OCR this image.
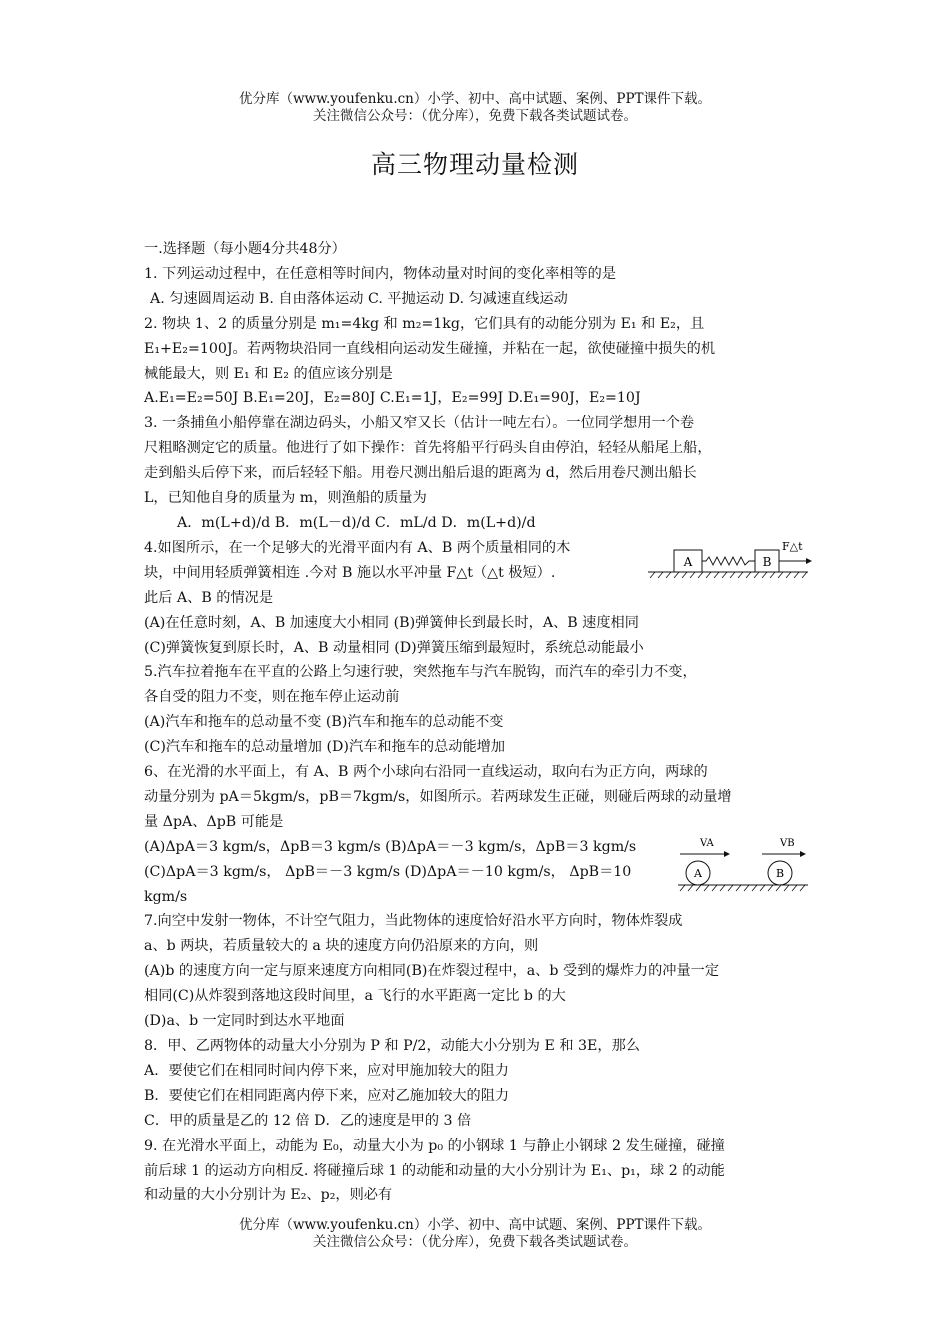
优分库（www.youfenku.cn）小学、初中、高中试题、案例、PPT课件下载。
关注微信公众号：（优分库），免费下载各类试题试卷。
高三物理动量检测

一.选择题（每小题4分共48分）

1. 下列运动过程中，在任意相等时间内，物体动量对时间的变化率相等的是

A. 匀速圆周运动 B. 自由落体运动 C. 平抛运动 D. 匀减速直线运动

2. 物块 1、2 的质量分别是 m₁=4kg 和 m₂=1kg，它们具有的动能分别为 E₁ 和 E₂，且

E₁+E₂=100J。若两物块沿同一直线相向运动发生碰撞，并粘在一起，欲使碰撞中损失的机

械能最大，则 E₁ 和 E₂ 的值应该分别是

A.E₁=E₂=50J B.E₁=20J，E₂=80J C.E₁=1J，E₂=99J D.E₁=90J，E₂=10J

3. 一条捕鱼小船停靠在湖边码头，小船又窄又长（估计一吨左右）。一位同学想用一个卷

尺粗略测定它的质量。他进行了如下操作：首先将船平行码头自由停泊，轻轻从船尾上船，

走到船头后停下来，而后轻轻下船。用卷尺测出船后退的距离为 d，然后用卷尺测出船长

L，已知他自身的质量为 m，则渔船的质量为

A．m(L+d)/d B．m(L－d)/d C．mL/d D．m(L+d)/d

4.如图所示，在一个足够大的光滑平面内有 A、B 两个质量相同的木

块，中间用轻质弹簧相连 .今对 B 施以水平冲量 F△t（△t 极短）.

此后 A、B 的情况是

(A)在任意时刻，A、B 加速度大小相同 (B)弹簧伸长到最长时，A、B 速度相同

(C)弹簧恢复到原长时，A、B 动量相同 (D)弹簧压缩到最短时，系统总动能最小

5.汽车拉着拖车在平直的公路上匀速行驶，突然拖车与汽车脱钩，而汽车的牵引力不变，

各自受的阻力不变，则在拖车停止运动前

(A)汽车和拖车的总动量不变 (B)汽车和拖车的总动能不变

(C)汽车和拖车的总动量增加 (D)汽车和拖车的总动能增加

6、在光滑的水平面上，有 A、B 两个小球向右沿同一直线运动，取向右为正方向，两球的

动量分别为 pA＝5kgm/s，pB＝7kgm/s，如图所示。若两球发生正碰，则碰后两球的动量增

量 ΔpA、ΔpB 可能是

(A)ΔpA＝3 kgm/s，ΔpB＝3 kgm/s (B)ΔpA＝－3 kgm/s，ΔpB＝3 kgm/s

(C)ΔpA＝3 kgm/s， ΔpB＝－3 kgm/s (D)ΔpA＝－10 kgm/s， ΔpB＝10

kgm/s

7.向空中发射一物体，不计空气阻力，当此物体的速度恰好沿水平方向时，物体炸裂成

a、b 两块，若质量较大的 a 块的速度方向仍沿原来的方向，则

(A)b 的速度方向一定与原来速度方向相同(B)在炸裂过程中，a、b 受到的爆炸力的冲量一定

相同(C)从炸裂到落地这段时间里，a 飞行的水平距离一定比 b 的大

(D)a、b 一定同时到达水平地面

8．甲、乙两物体的动量大小分别为 P 和 P/2，动能大小分别为 E 和 3E，那么

A．要使它们在相同时间内停下来，应对甲施加较大的阻力

B．要使它们在相同距离内停下来，应对乙施加较大的阻力

C．甲的质量是乙的 12 倍 D．乙的速度是甲的 3 倍

9. 在光滑水平面上，动能为 E₀，动量大小为 p₀ 的小钢球 1 与静止小钢球 2 发生碰撞，碰撞

前后球 1 的运动方向相反. 将碰撞后球 1 的动能和动量的大小分别计为 E₁、p₁，球 2 的动能

和动量的大小分别计为 E₂、p₂，则必有

A	B
F△t
VA	VB
A	B
优分库（www.youfenku.cn）小学、初中、高中试题、案例、PPT课件下载。
关注微信公众号：（优分库），免费下载各类试题试卷。
